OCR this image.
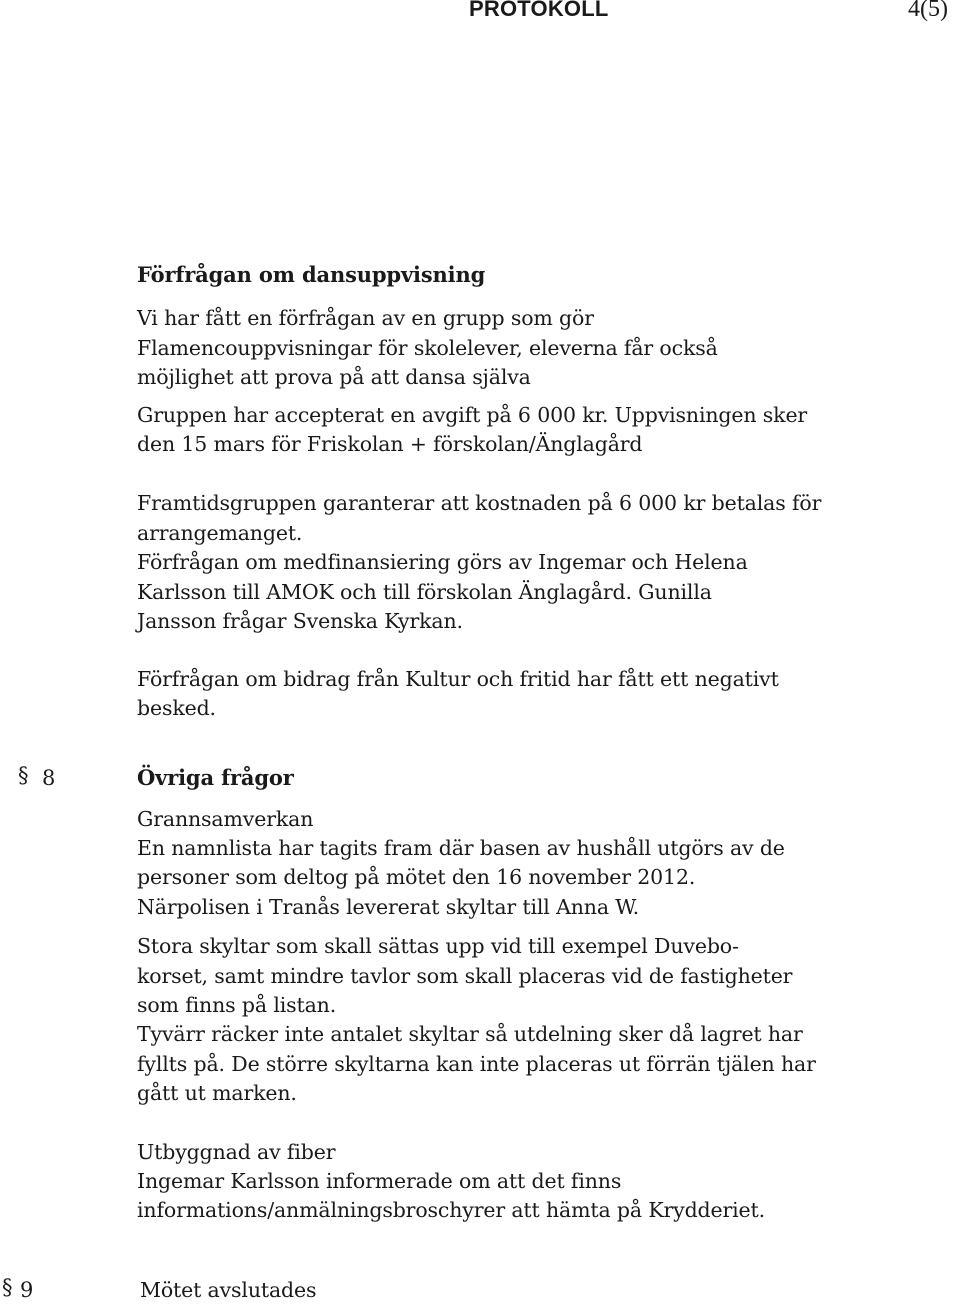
PROTOKOLL	4(5)
Förfrågan om dansuppvisning
Vi har fått en förfrågan av en grupp som gör
Flamencouppvisningar för skolelever, eleverna får också
möjlighet att prova på att dansa själva
Gruppen har accepterat en avgift på 6 000 kr. Uppvisningen sker
den 15 mars för Friskolan + förskolan/Änglagård
Framtidsgruppen garanterar att kostnaden på 6 000 kr betalas för
arrangemanget.
Förfrågan om medfinansiering görs av Ingemar och Helena
Karlsson till AMOK och till förskolan Änglagård. Gunilla
Jansson frågar Svenska Kyrkan.
Förfrågan om bidrag från Kultur och fritid har fått ett negativt
besked.
Övriga frågor
Grannsamverkan
En namnlista har tagits fram där basen av hushåll utgörs av de
personer som deltog på mötet den 16 november 2012.
Närpolisen i Tranås levererat skyltar till Anna W.
Stora skyltar som skall sättas upp vid till exempel Duvebo-
korset, samt mindre tavlor som skall placeras vid de fastigheter
som finns på listan.
Tyvärr räcker inte antalet skyltar så utdelning sker då lagret har
fyllts på. De större skyltarna kan inte placeras ut förrän tjälen har
gått ut marken.
Utbyggnad av fiber
Ingemar Karlsson informerade om att det finns
informations/anmälningsbroschyrer att hämta på Krydderiet.
Mötet avslutades
§ 8
§ 9
